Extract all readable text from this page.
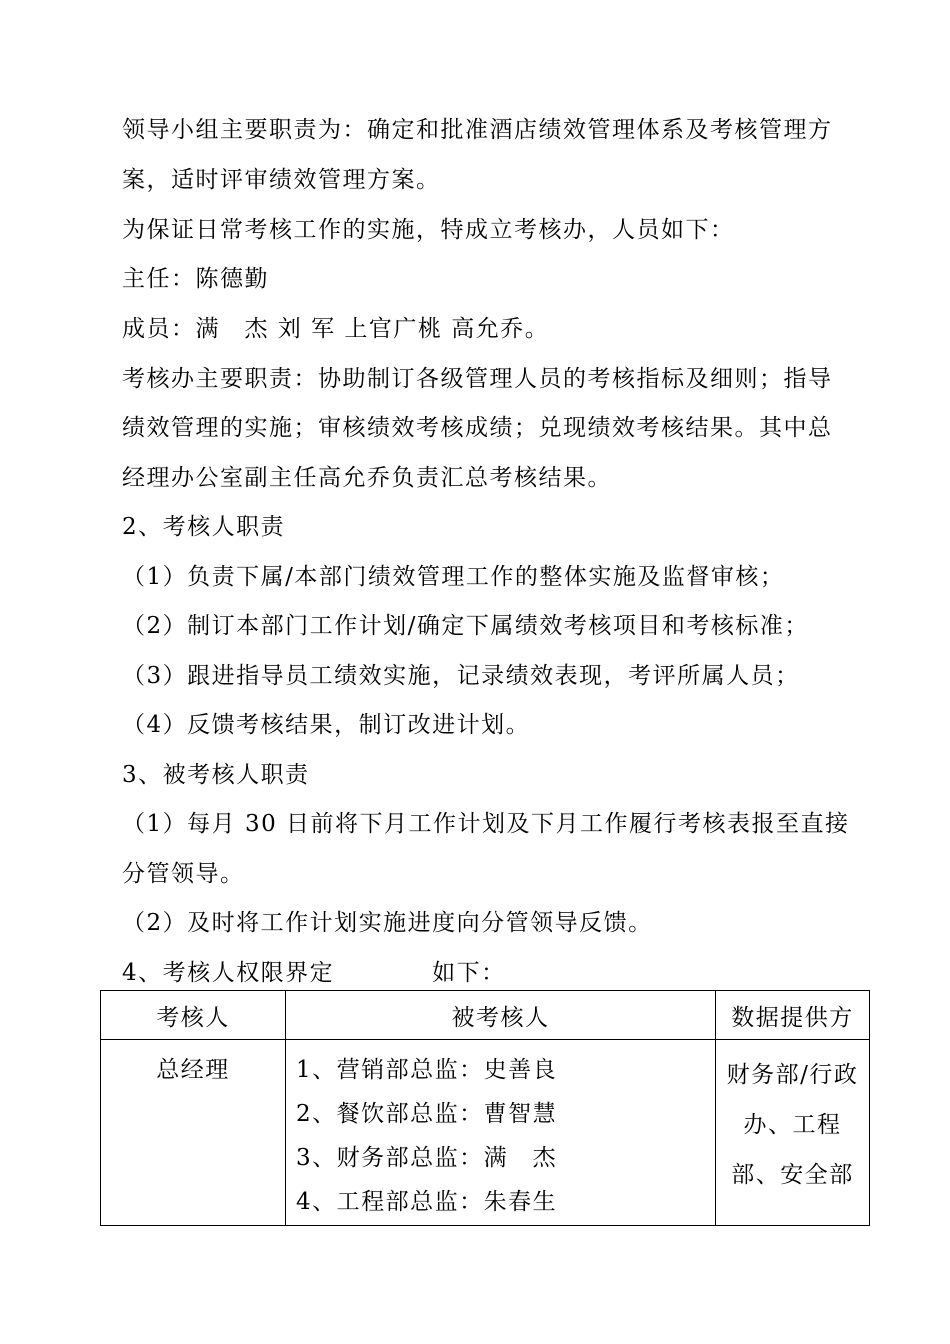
领导小组主要职责为：确定和批准酒店绩效管理体系及考核管理方
案，适时评审绩效管理方案。
为保证日常考核工作的实施，特成立考核办，人员如下：
主任：陈德勤
成员：满　杰 刘 军 上官广桃 高允乔。
考核办主要职责：协助制订各级管理人员的考核指标及细则；指导
绩效管理的实施；审核绩效考核成绩；兑现绩效考核结果。其中总
经理办公室副主任高允乔负责汇总考核结果。
2、考核人职责
（1）负责下属/本部门绩效管理工作的整体实施及监督审核；
（2）制订本部门工作计划/确定下属绩效考核项目和考核标准；
（3）跟进指导员工绩效实施，记录绩效表现，考评所属人员；
（4）反馈考核结果，制订改进计划。
3、被考核人职责
（1）每月 30 日前将下月工作计划及下月工作履行考核表报至直接
分管领导。
（2）及时将工作计划实施进度向分管领导反馈。
4、考核人权限界定　　　　如下：
考核人	被考核人	数据提供方

总经理	1、营销部总监：史善良
2、餐饮部总监：曹智慧
3、财务部总监：满　杰
4、工程部总监：朱春生	财务部/行政
办、工程
部、安全部
